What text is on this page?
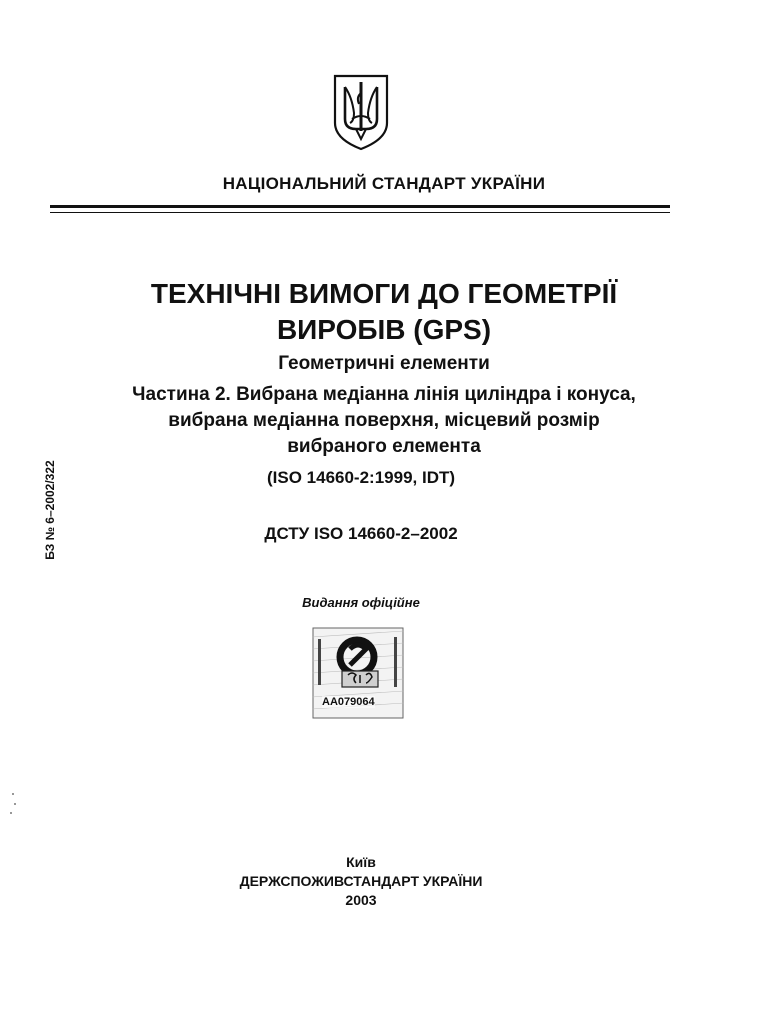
НАЦІОНАЛЬНИЙ СТАНДАРТ УКРАЇНИ
ТЕХНІЧНІ ВИМОГИ ДО ГЕОМЕТРІЇ
ВИРОБІВ (GPS)
Геометричні елементи
Частина 2. Вибрана медіанна лінія циліндра і конуса,
вибрана медіанна поверхня, місцевий розмір
вибраного елемента
(ISO 14660-2:1999, IDT)
ДСТУ ISO 14660-2–2002
БЗ № 6–2002/322
Видання офіційне
AA079064
Київ
ДЕРЖСПОЖИВСТАНДАРТ УКРАЇНИ
2003
